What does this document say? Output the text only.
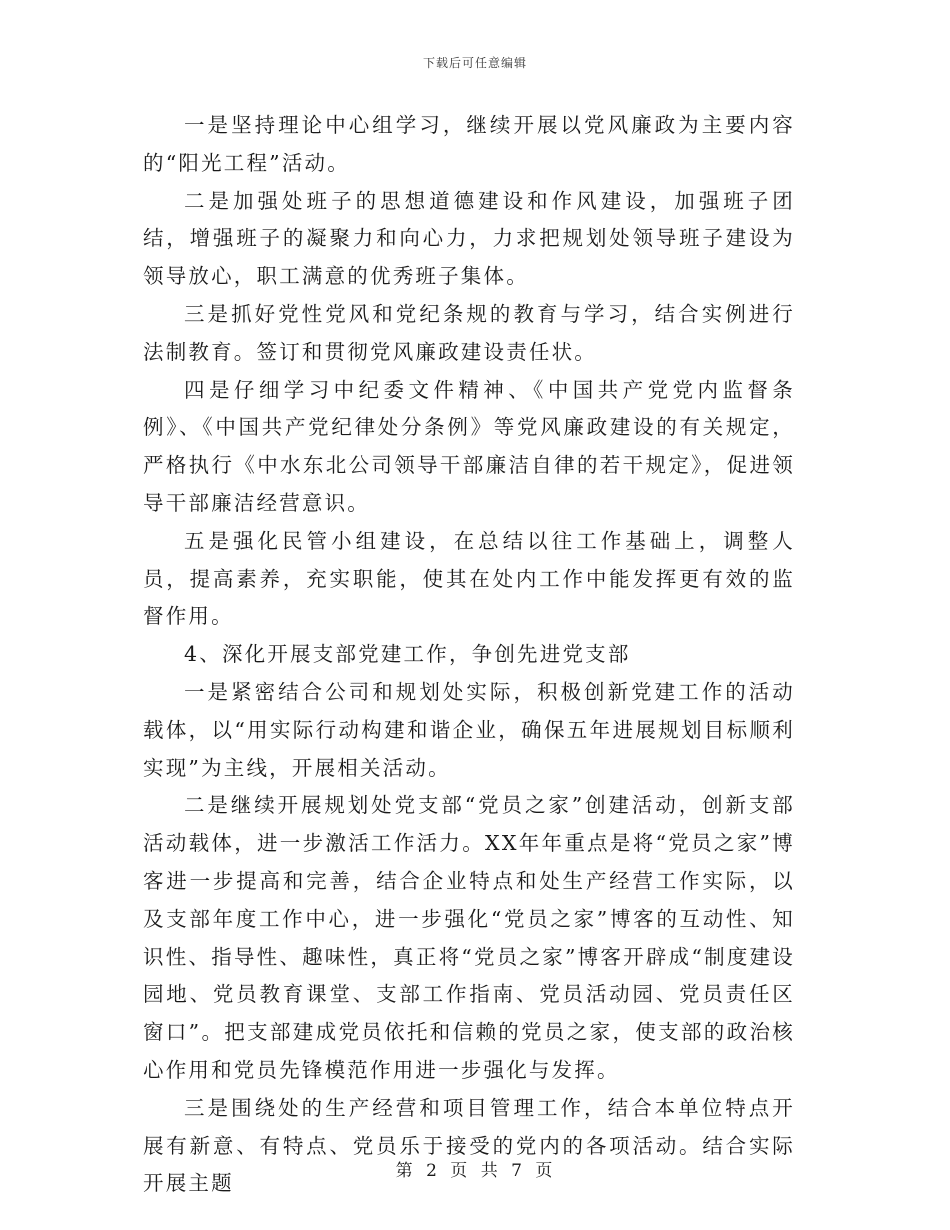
下载后可任意编辑

一是坚持理论中心组学习，继续开展以党风廉政为主要内容的“阳光工程”活动。

二是加强处班子的思想道德建设和作风建设，加强班子团结，增强班子的凝聚力和向心力，力求把规划处领导班子建设为领导放心，职工满意的优秀班子集体。

三是抓好党性党风和党纪条规的教育与学习，结合实例进行法制教育。签订和贯彻党风廉政建设责任状。

四是仔细学习中纪委文件精神、《中国共产党党内监督条例》、《中国共产党纪律处分条例》等党风廉政建设的有关规定，严格执行《中水东北公司领导干部廉洁自律的若干规定》，促进领导干部廉洁经营意识。

五是强化民管小组建设，在总结以往工作基础上，调整人员，提高素养，充实职能，使其在处内工作中能发挥更有效的监督作用。

4、深化开展支部党建工作，争创先进党支部

一是紧密结合公司和规划处实际，积极创新党建工作的活动载体，以“用实际行动构建和谐企业，确保五年进展规划目标顺利实现”为主线，开展相关活动。

二是继续开展规划处党支部“党员之家”创建活动，创新支部活动载体，进一步激活工作活力。XX年年重点是将“党员之家”博客进一步提高和完善，结合企业特点和处生产经营工作实际，以及支部年度工作中心，进一步强化“党员之家”博客的互动性、知识性、指导性、趣味性，真正将“党员之家”博客开辟成“制度建设园地、党员教育课堂、支部工作指南、党员活动园、党员责任区窗口”。把支部建成党员依托和信赖的党员之家，使支部的政治核心作用和党员先锋模范作用进一步强化与发挥。

三是围绕处的生产经营和项目管理工作，结合本单位特点开展有新意、有特点、党员乐于接受的党内的各项活动。结合实际开展主题

第 2 页 共 7 页
